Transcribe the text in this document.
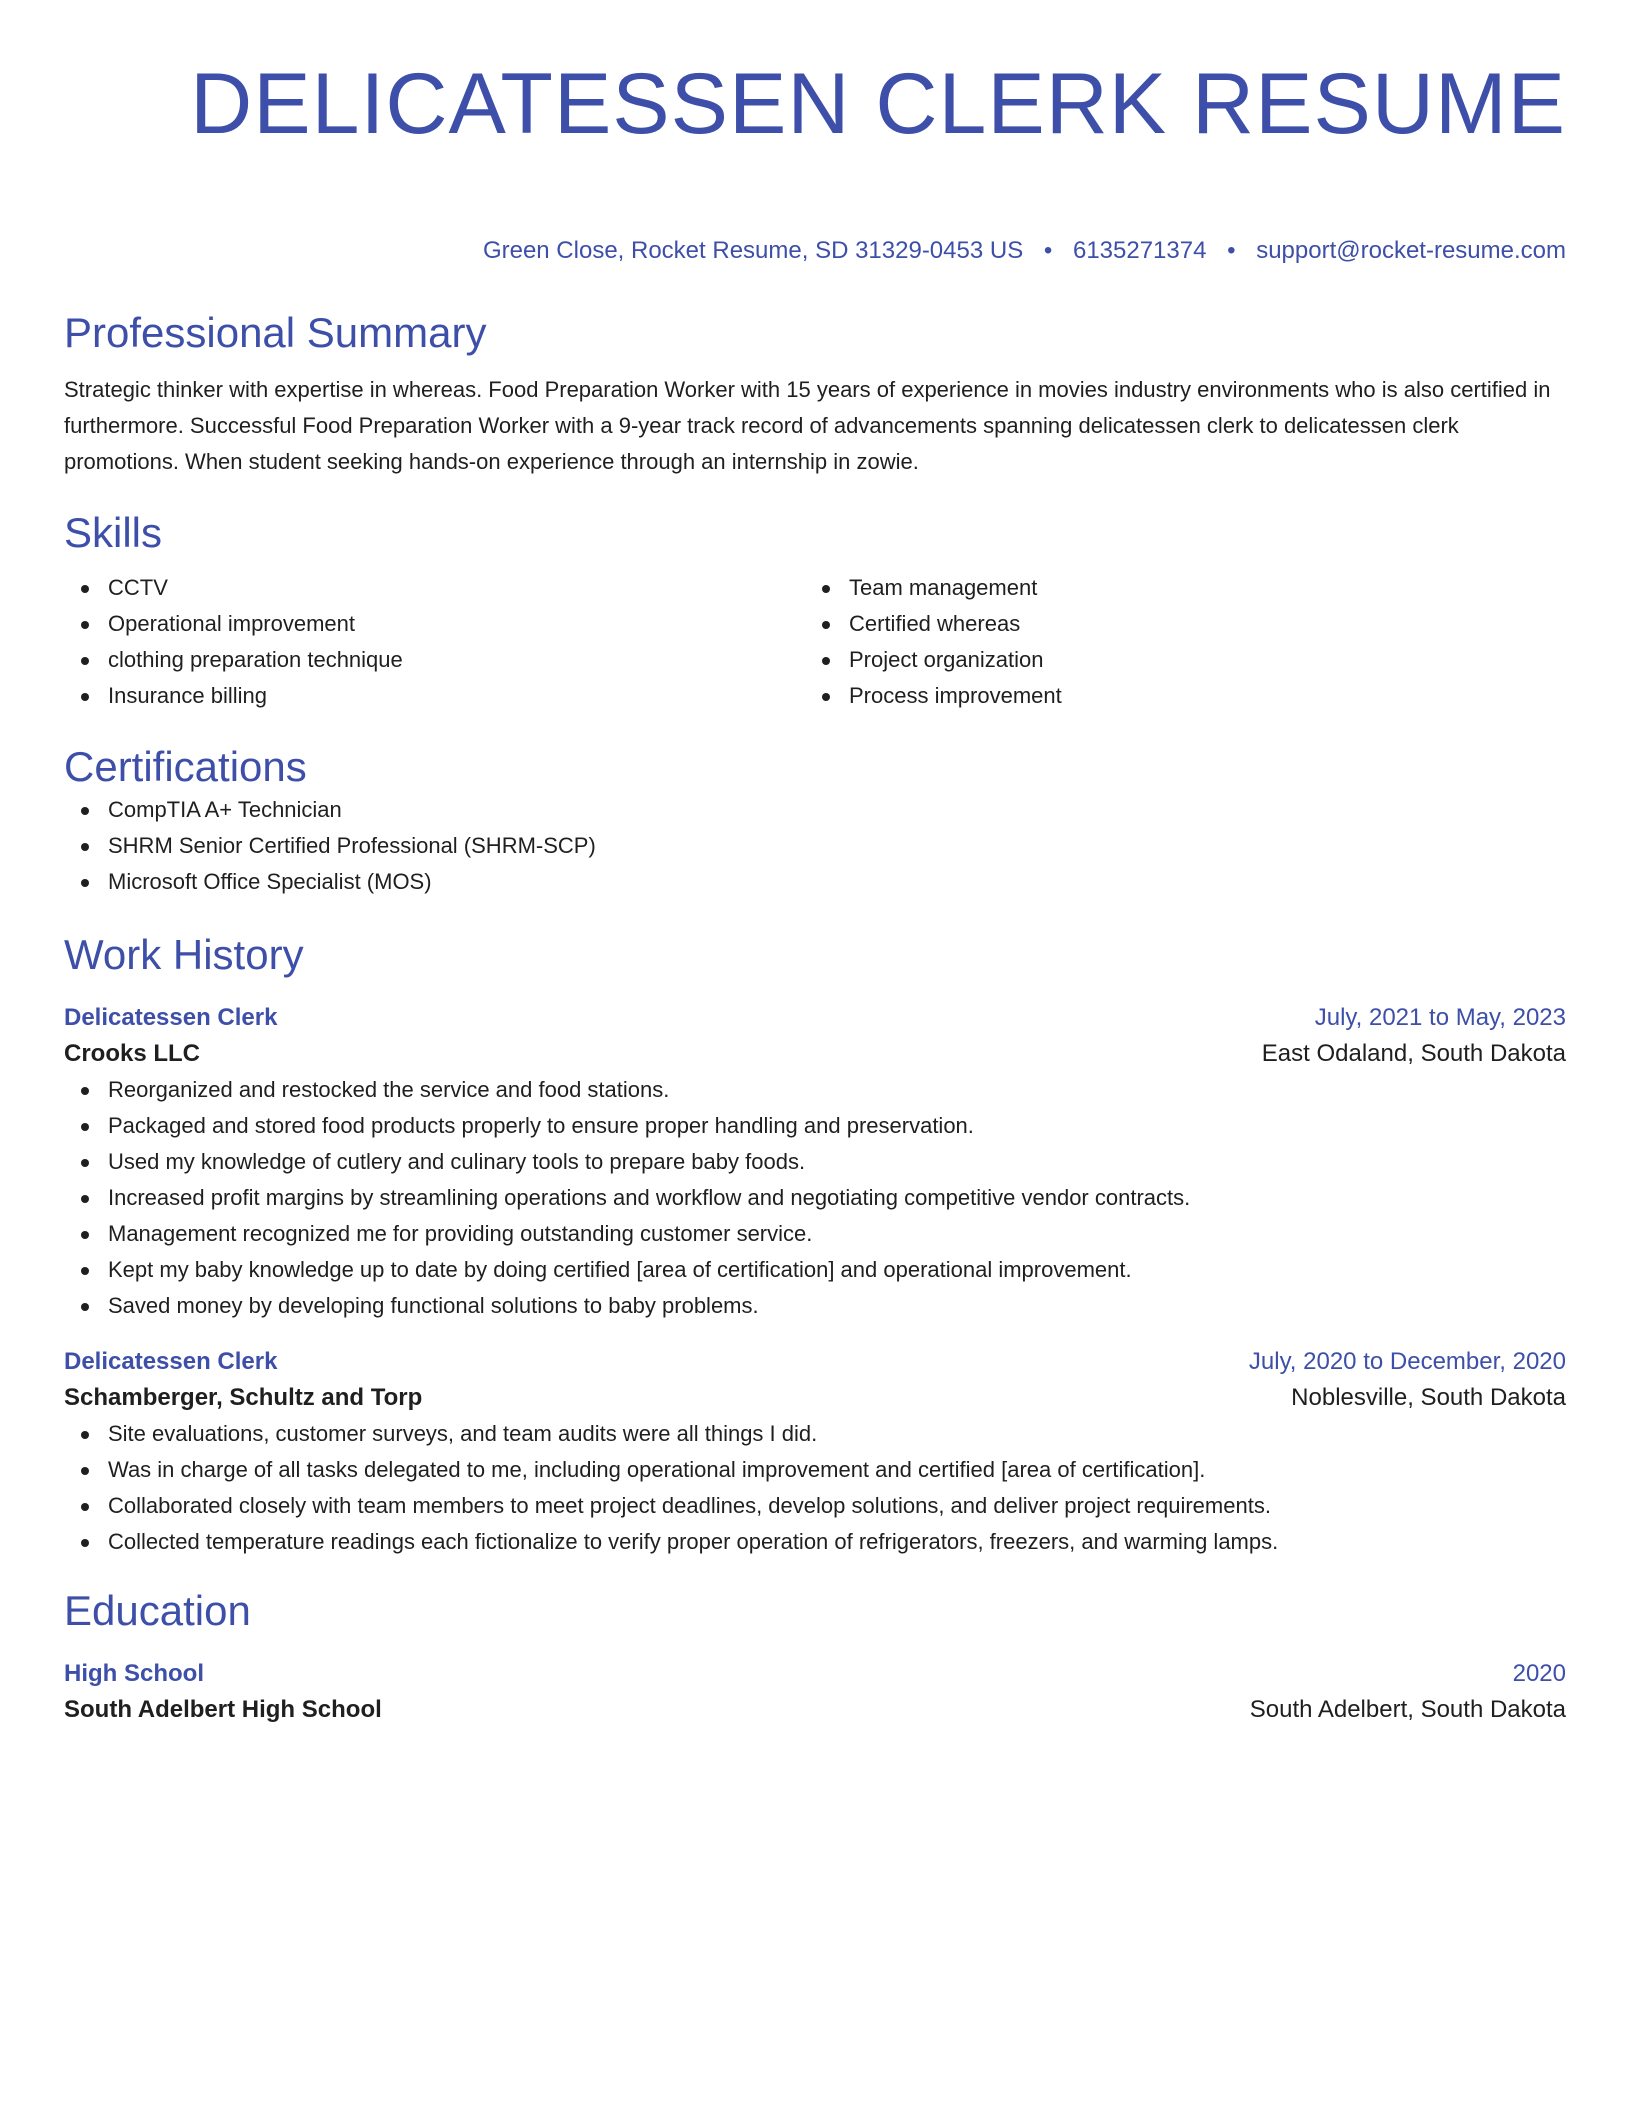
DELICATESSEN CLERK RESUME
Green Close, Rocket Resume, SD 31329-0453 US • 6135271374 • support@rocket-resume.com
Professional Summary

Strategic thinker with expertise in whereas. Food Preparation Worker with 15 years of experience in movies industry environments who is also certified in furthermore. Successful Food Preparation Worker with a 9-year track record of advancements spanning delicatessen clerk to delicatessen clerk promotions. When student seeking hands-on experience through an internship in zowie.

Skills
CCTV
Operational improvement
clothing preparation technique
Insurance billing
Team management
Certified whereas
Project organization
Process improvement
Certifications
CompTIA A+ Technician
SHRM Senior Certified Professional (SHRM-SCP)
Microsoft Office Specialist (MOS)
Work History
Delicatessen Clerk	July, 2021 to May, 2023
Crooks LLC	East Odaland, South Dakota
Reorganized and restocked the service and food stations.
Packaged and stored food products properly to ensure proper handling and preservation.
Used my knowledge of cutlery and culinary tools to prepare baby foods.
Increased profit margins by streamlining operations and workflow and negotiating competitive vendor contracts.
Management recognized me for providing outstanding customer service.
Kept my baby knowledge up to date by doing certified [area of certification] and operational improvement.
Saved money by developing functional solutions to baby problems.
Delicatessen Clerk	July, 2020 to December, 2020
Schamberger, Schultz and Torp	Noblesville, South Dakota
Site evaluations, customer surveys, and team audits were all things I did.
Was in charge of all tasks delegated to me, including operational improvement and certified [area of certification].
Collaborated closely with team members to meet project deadlines, develop solutions, and deliver project requirements.
Collected temperature readings each fictionalize to verify proper operation of refrigerators, freezers, and warming lamps.
Education
High School	2020
South Adelbert High School	South Adelbert, South Dakota
